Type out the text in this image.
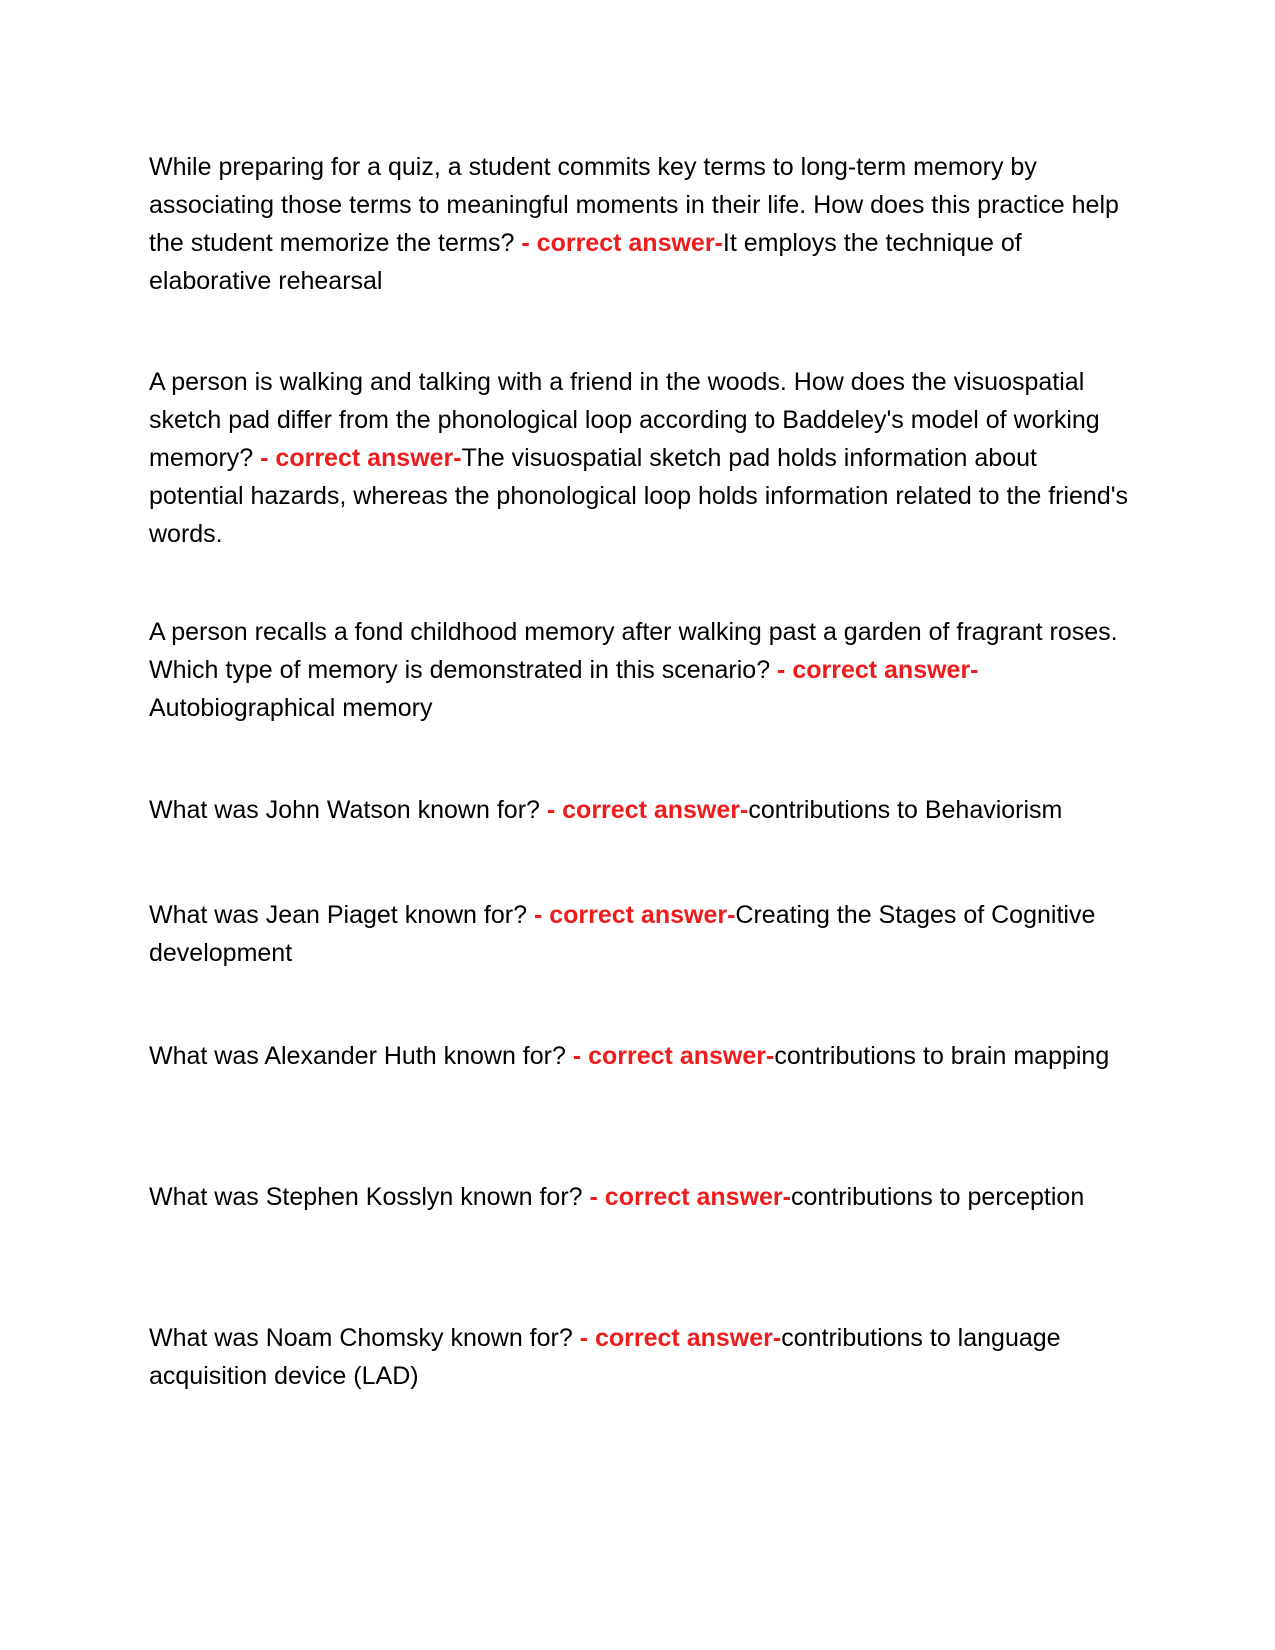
While preparing for a quiz, a student commits key terms to long-term memory by associating those terms to meaningful moments in their life. How does this practice help the student memorize the terms? - correct answer-It employs the technique of elaborative rehearsal

A person is walking and talking with a friend in the woods. How does the visuospatial sketch pad differ from the phonological loop according to Baddeley's model of working memory? - correct answer-The visuospatial sketch pad holds information about potential hazards, whereas the phonological loop holds information related to the friend's words.

A person recalls a fond childhood memory after walking past a garden of fragrant roses. Which type of memory is demonstrated in this scenario? - correct answer-Autobiographical memory

What was John Watson known for? - correct answer-contributions to Behaviorism

What was Jean Piaget known for? - correct answer-Creating the Stages of Cognitive development

What was Alexander Huth known for? - correct answer-contributions to brain mapping

What was Stephen Kosslyn known for? - correct answer-contributions to perception

What was Noam Chomsky known for? - correct answer-contributions to language acquisition device (LAD)
